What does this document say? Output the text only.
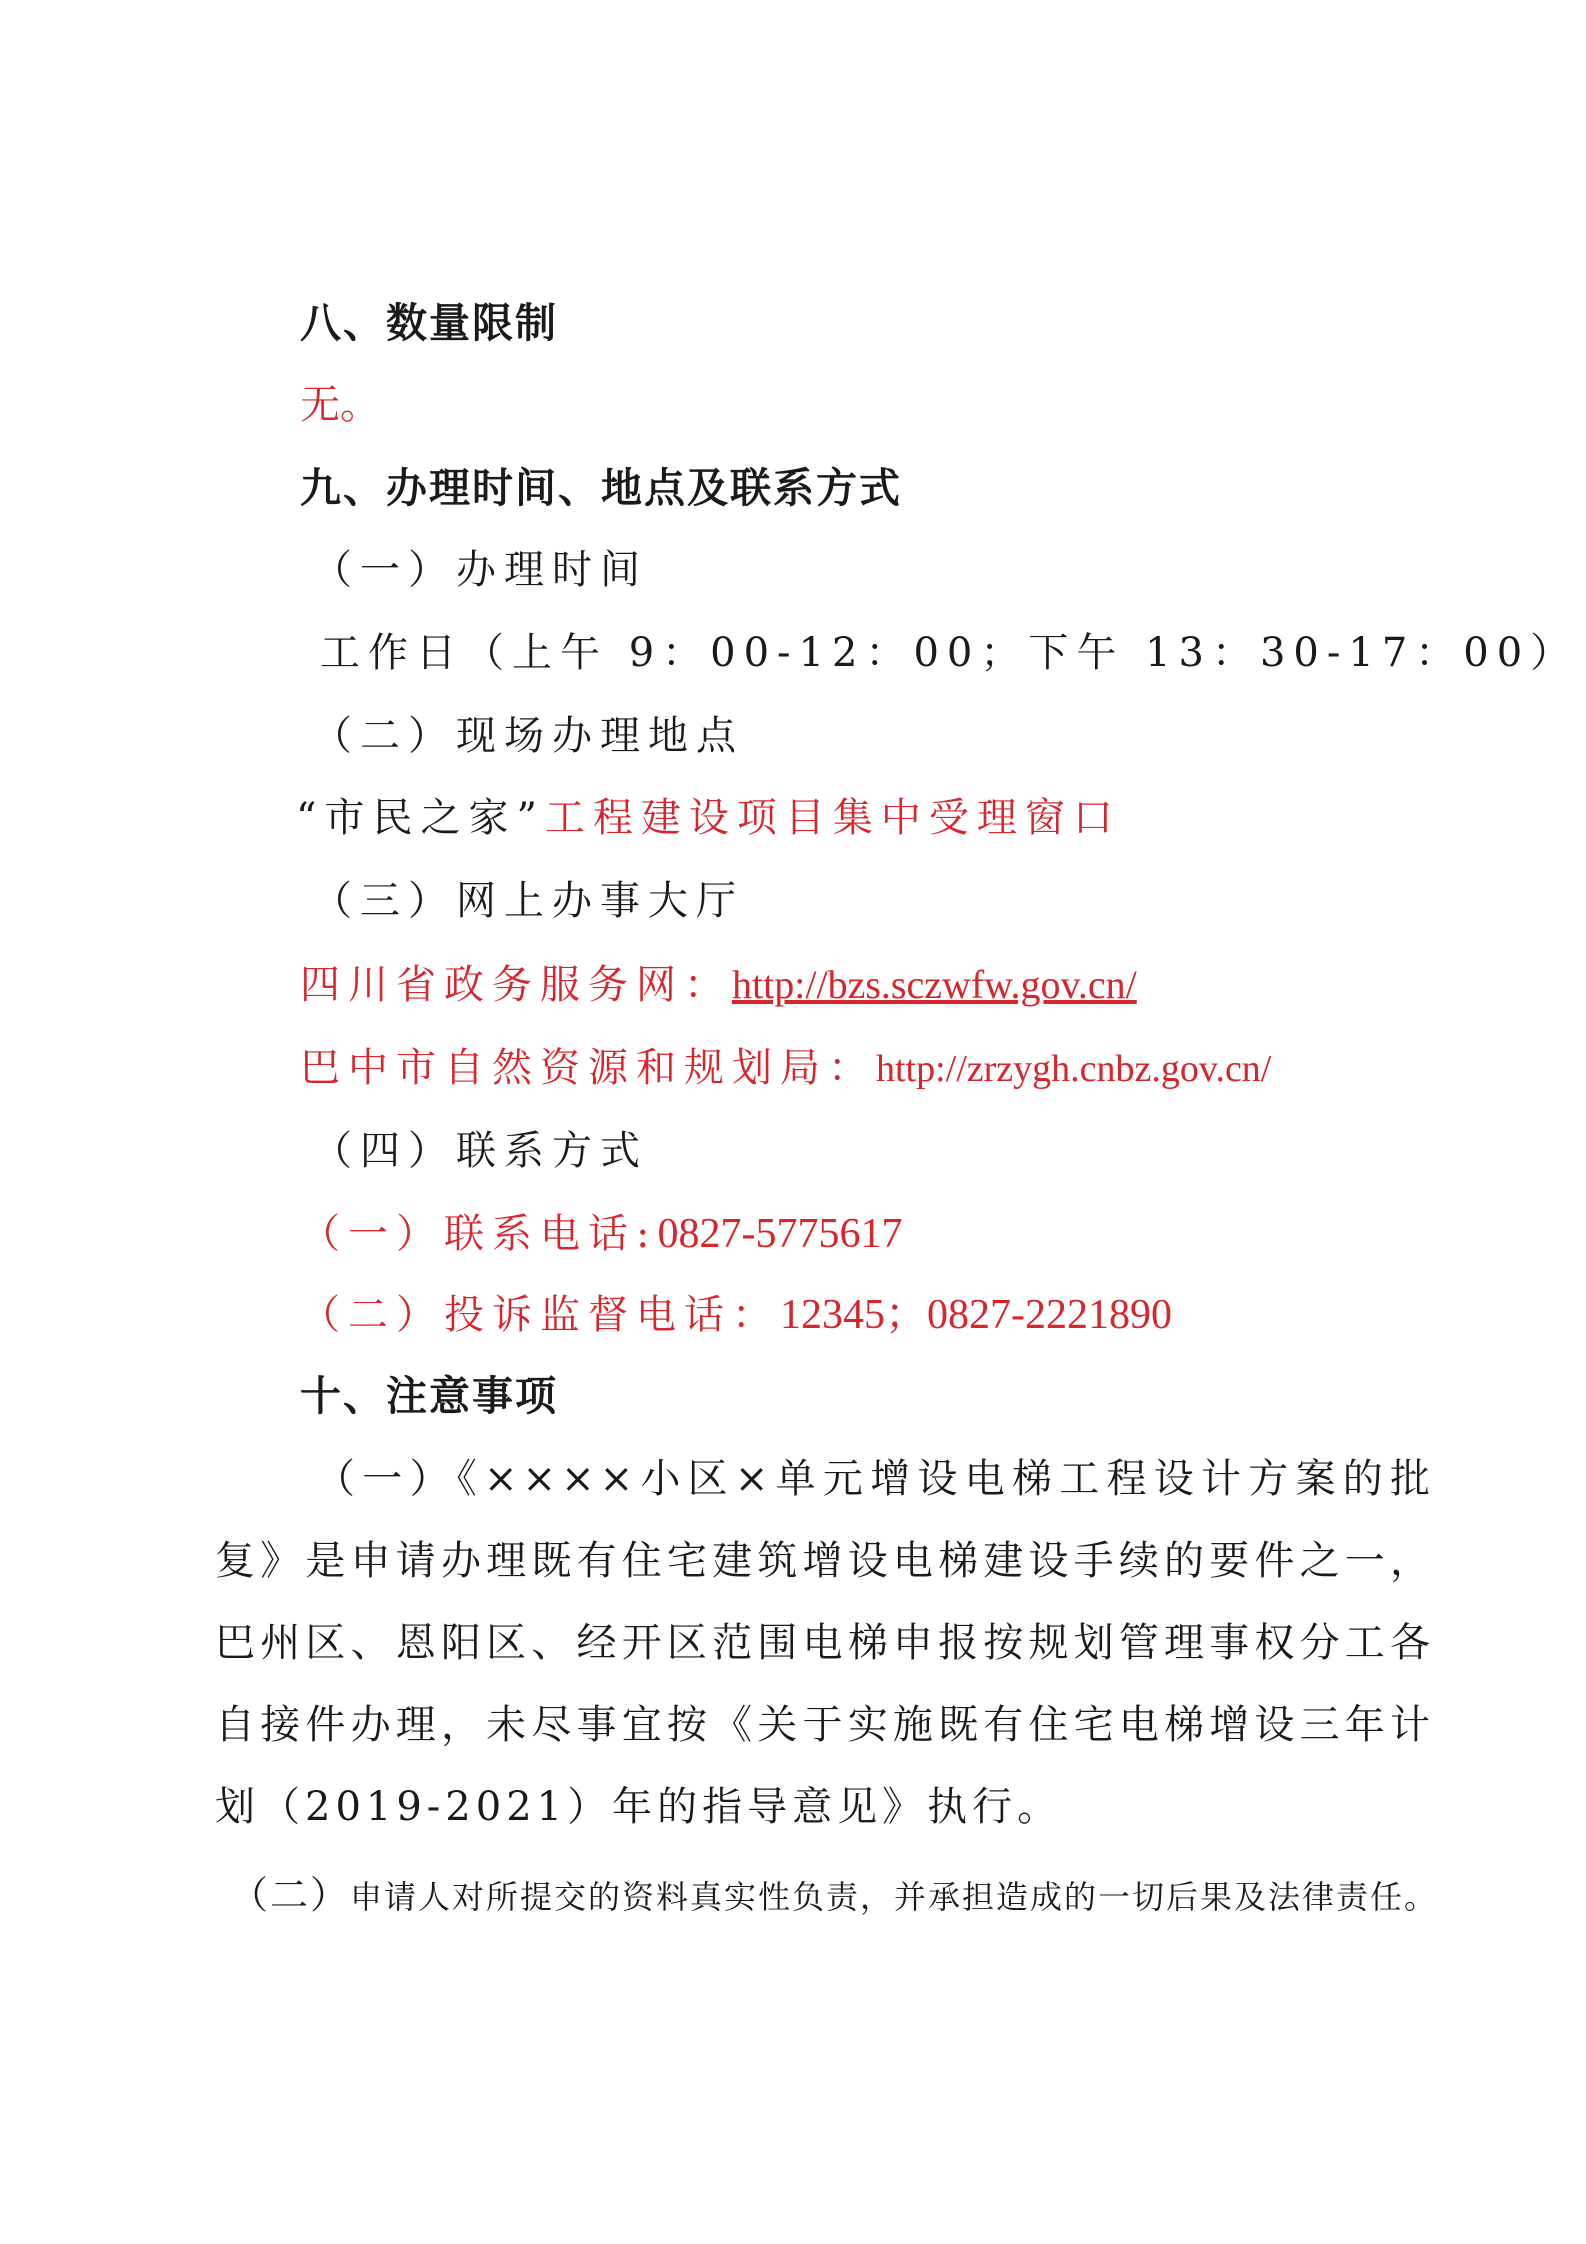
八、数量限制
无。
九、办理时间、地点及联系方式
（一）办理时间
工作日（上午 9：00-12：00；下午 13：30-17：00）
（二）现场办理地点
“市民之家”工程建设项目集中受理窗口
（三）网上办事大厅
四川省政务服务网：http://bzs.sczwfw.gov.cn/
巴中市自然资源和规划局：http://zrzygh.cnbz.gov.cn/
（四）联系方式
（一）联系电话:0827-5775617
（二）投诉监督电话：12345；0827-2221890
十、注意事项
（一）《××××小区×单元增设电梯工程设计方案的批复》是申请办理既有住宅建筑增设电梯建设手续的要件之一，巴州区、恩阳区、经开区范围电梯申报按规划管理事权分工各自接件办理，未尽事宜按《关于实施既有住宅电梯增设三年计划（2019-2021）年的指导意见》执行。
（二）申请人对所提交的资料真实性负责，并承担造成的一切后果及法律责任。
